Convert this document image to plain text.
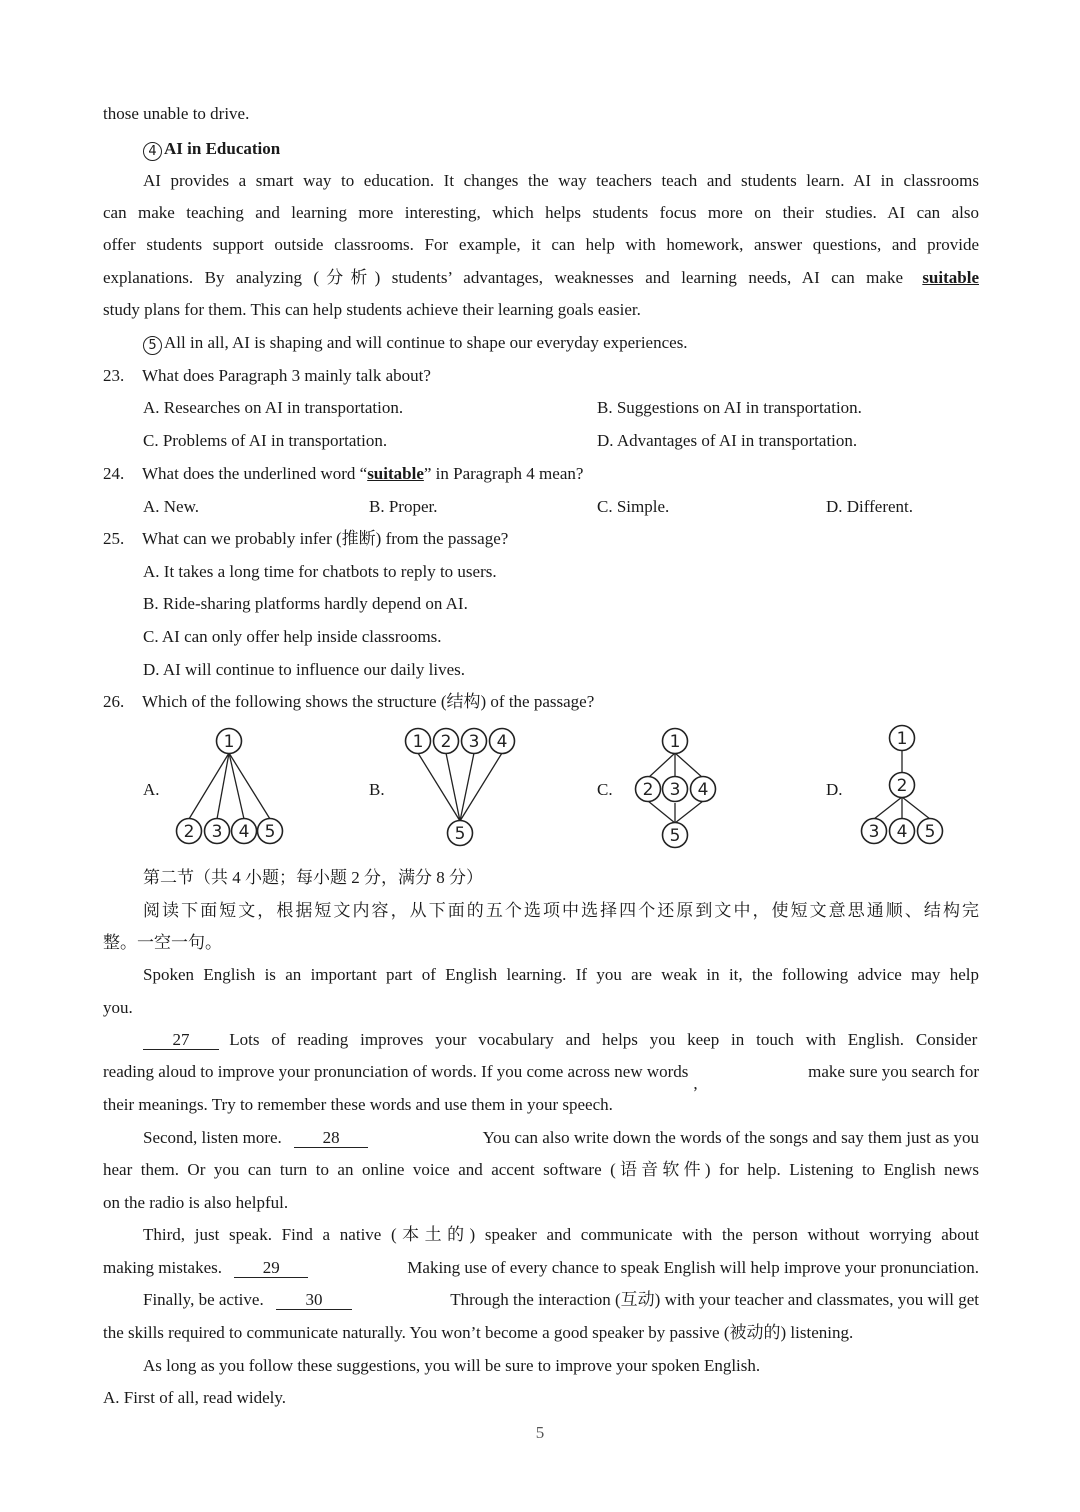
those unable to drive.
4 AI in Education
AI provides a smart way to education. It changes the way teachers teach and students learn. AI in classrooms
can make teaching and learning more interesting, which helps students focus more on their studies. AI can also
offer students support outside classrooms. For example, it can help with homework, answer questions, and provide
explanations. By analyzing (分析) students’ advantages, weaknesses and learning needs, AI can make suitable
study plans for them. This can help students achieve their learning goals easier.
5 All in all, AI is shaping and will continue to shape our everyday experiences.
23. What does Paragraph 3 mainly talk about?
A. Researches on AI in transportation.	B. Suggestions on AI in transportation.
C. Problems of AI in transportation.	D. Advantages of AI in transportation.
24. What does the underlined word “suitable” in Paragraph 4 mean?
A. New.	B. Proper.	C. Simple.	D. Different.
25. What can we probably infer (推断) from the passage?
A. It takes a long time for chatbots to reply to users.
B. Ride-sharing platforms hardly depend on AI.
C. AI can only offer help inside classrooms.
D. AI will continue to influence our daily lives.
26. Which of the following shows the structure (结构) of the passage?
A.	B.	C.	D.
1
2 3 4 5
1 2 3 4
5
1
2 3 4
5
1
2
3 4 5
第二节（共 4 小题；每小题 2 分，满分 8 分）
阅读下面短文，根据短文内容，从下面的五个选项中选择四个还原到文中，使短文意思通顺、结构完
整。一空一句。
Spoken English is an important part of English learning. If you are weak in it, the following advice may help
you.
27 Lots of reading improves your vocabulary and helps you keep in touch with English. Consider
reading aloud to improve your pronunciation of words. If you come across new words,
make sure you search for
their meanings. Try to remember these words and use them in your speech.
Second, listen more. 28	You can also write down the words of the songs and say them just as you
hear them. Or you can turn to an online voice and accent software (语音软件) for help. Listening to English news
on the radio is also helpful.
Third, just speak. Find a native (本土的) speaker and communicate with the person without worrying about
making mistakes. 29	Making use of every chance to speak English will help improve your pronunciation.
Finally, be active. 30	Through the interaction (互动) with your teacher and classmates, you will get
the skills required to communicate naturally. You won’t become a good speaker by passive (被动的) listening.
As long as you follow these suggestions, you will be sure to improve your spoken English.
A. First of all, read widely.
5
